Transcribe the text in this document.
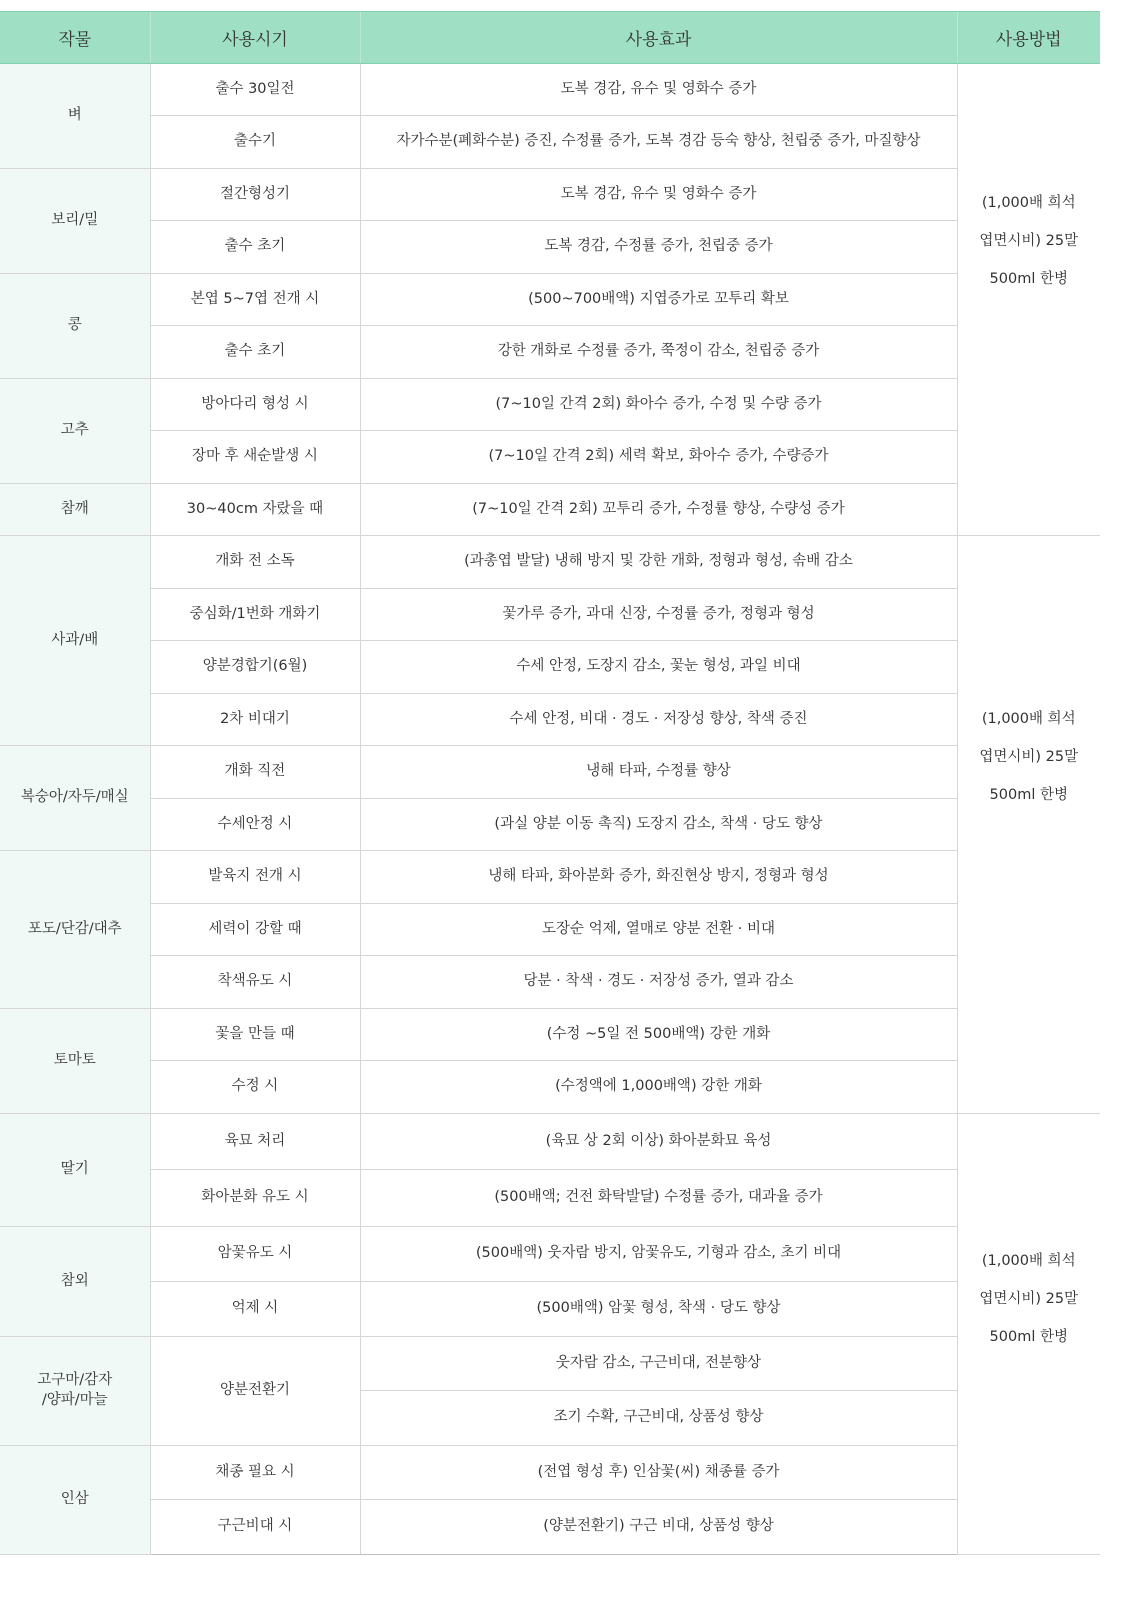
작물	사용시기	사용효과	사용방법
벼	출수 30일전	도복 경감, 유수 및 영화수 증가	(1,000배 희석
엽면시비) 25말
500ml 한병

	출수기	자가수분(폐화수분) 증진, 수정률 증가, 도복 경감 등숙 향상, 천립중 증가, 마질향상	
보리/밀	절간형성기	도복 경감, 유수 및 영화수 증가	
	출수 초기	도복 경감, 수정률 증가, 천립중 증가	
콩	본엽 5~7엽 전개 시	(500~700배액) 지엽증가로 꼬투리 확보	
	출수 초기	강한 개화로 수정률 증가, 쭉정이 감소, 천립중 증가	
고추	방아다리 형성 시	(7~10일 간격 2회) 화아수 증가, 수정 및 수량 증가	
	장마 후 새순발생 시	(7~10일 간격 2회) 세력 확보, 화아수 증가, 수량증가	
참깨	30~40cm 자랐을 때	(7~10일 간격 2회) 꼬투리 증가, 수정률 향상, 수량성 증가	
사과/배	개화 전 소독	(과총엽 발달) 냉해 방지 및 강한 개화, 정형과 형성, 솎배 감소	(1,000배 희석
엽면시비) 25말
500ml 한병

	중심화/1번화 개화기	꽃가루 증가, 과대 신장, 수정률 증가, 정형과 형성	
	양분경합기(6월)	수세 안정, 도장지 감소, 꽃눈 형성, 과일 비대	
	2차 비대기	수세 안정, 비대 · 경도 · 저장성 향상, 착색 증진	
복숭아/자두/매실	개화 직전	냉해 타파, 수정률 향상	
	수세안정 시	(과실 양분 이동 촉직) 도장지 감소, 착색 · 당도 향상	
포도/단감/대추	발육지 전개 시	냉해 타파, 화아분화 증가, 화진현상 방지, 정형과 형성	
	세력이 강할 때	도장순 억제, 열매로 양분 전환 · 비대	
	착색유도 시	당분 · 착색 · 경도 · 저장성 증가, 열과 감소	
토마토	꽃을 만들 때	(수정 ~5일 전 500배액) 강한 개화	
	수정 시	(수정액에 1,000배액) 강한 개화	
딸기	육묘 처리	(육묘 상 2회 이상) 화아분화묘 육성	(1,000배 희석
엽면시비) 25말
500ml 한병

	화아분화 유도 시	(500배액; 건전 화탁발달) 수정률 증가, 대과율 증가	
참외	암꽃유도 시	(500배액) 웃자람 방지, 암꽃유도, 기형과 감소, 초기 비대	
	억제 시	(500배액) 암꽃 형성, 착색 · 당도 향상	

고구마/감자
/양파/마늘	양분전환기	웃자람 감소, 구근비대, 전분향상	
		조기 수확, 구근비대, 상품성 향상	
인삼	채종 필요 시	(전엽 형성 후) 인삼꽃(씨) 채종률 증가	
	구근비대 시	(양분전환기) 구근 비대, 상품성 향상	
